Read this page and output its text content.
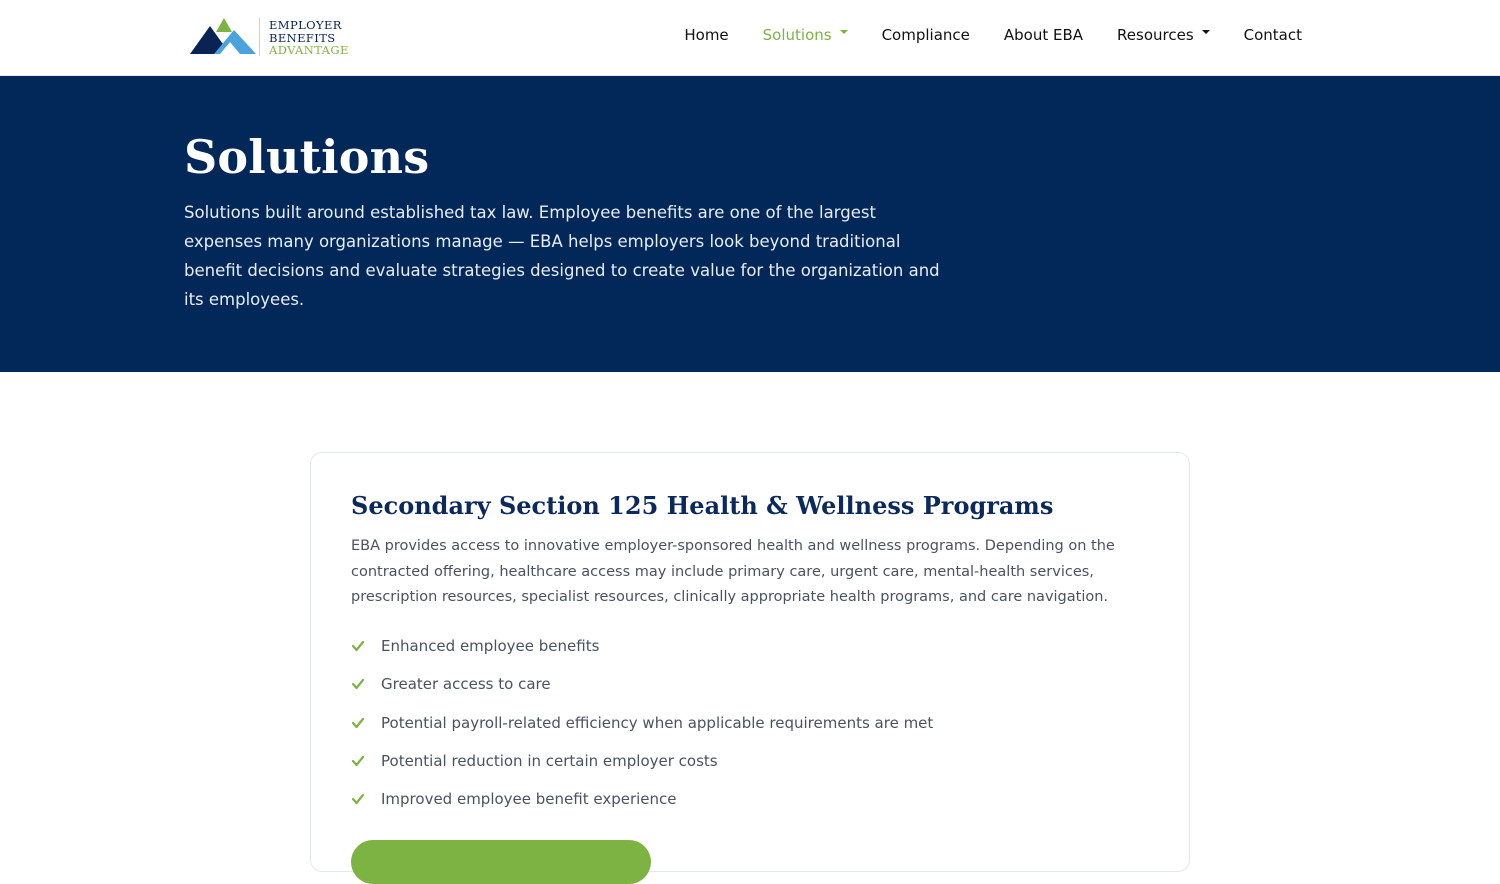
EMPLOYER
BENEFITS
ADVANTAGE
Home Solutions	Compliance About EBA Resources	Contact
Solutions

Solutions built around established tax law. Employee benefits are one of the largest expenses many organizations manage — EBA helps employers look beyond traditional benefit decisions and evaluate strategies designed to create value for the organization and its employees.

Secondary Section 125 Health & Wellness Programs

EBA provides access to innovative employer-sponsored health and wellness programs. Depending on the contracted offering, healthcare access may include primary care, urgent care, mental-health services, prescription resources, specialist resources, clinically appropriate health programs, and care navigation.

Enhanced employee benefits
Greater access to care
Potential payroll-related efficiency when applicable requirements are met
Potential reduction in certain employer costs
Improved employee benefit experience
